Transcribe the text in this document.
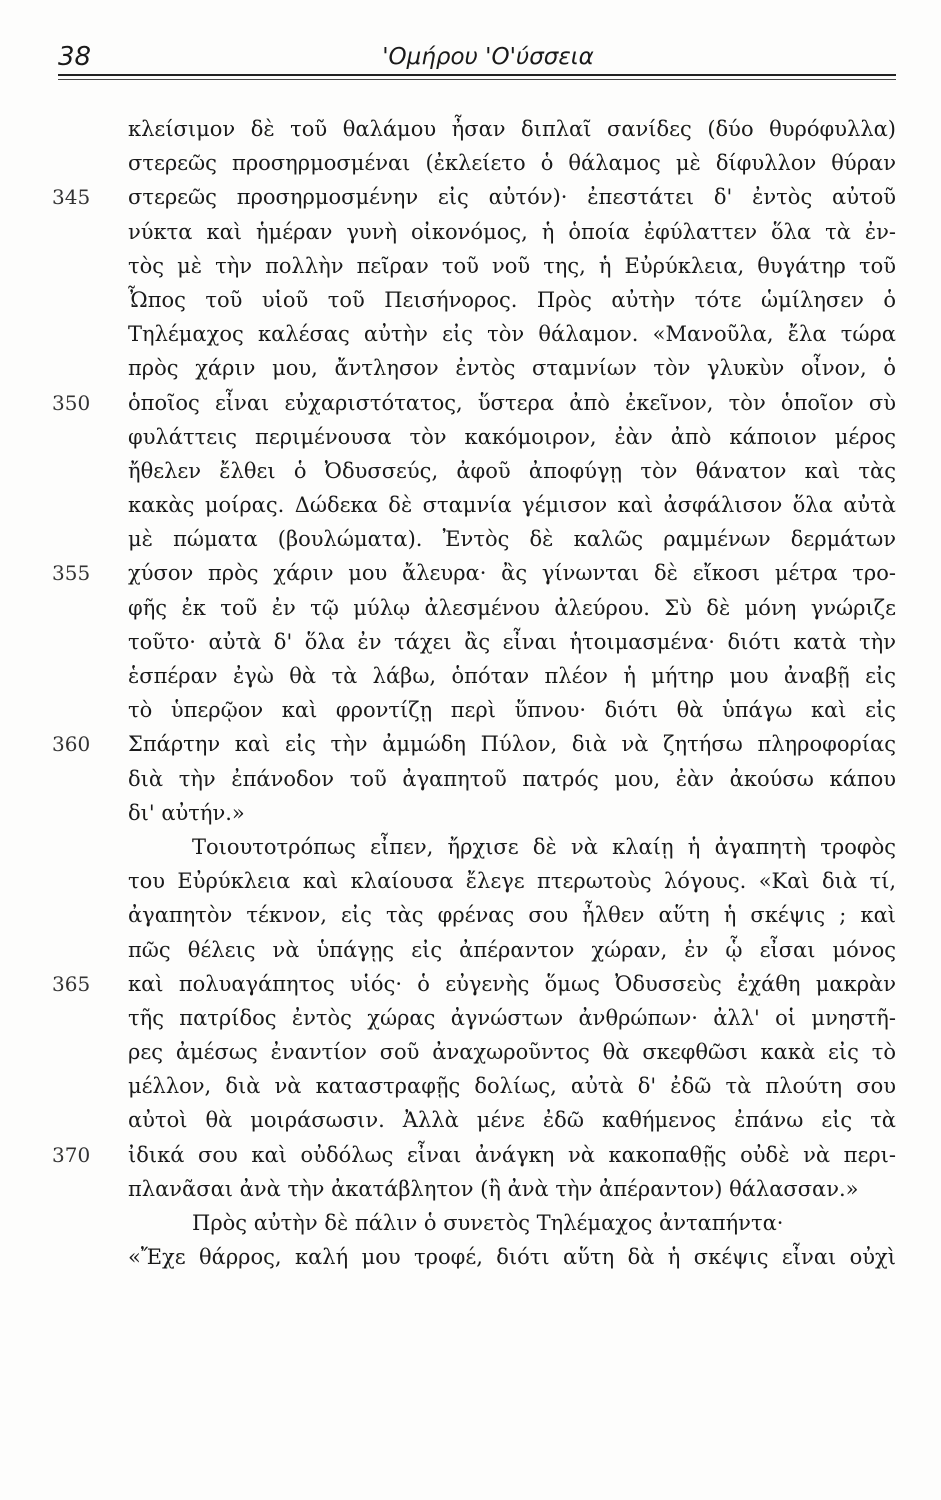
38	'Ομήρου 'Ο'ύσσεια
κλείσιμον δὲ τοῦ θαλάμου ἦσαν διπλαῖ σανίδες (δύο θυρόφυλλα)
στερεῶς προσηρμοσμέναι (ἐκλείετο ὁ θάλαμος μὲ δίφυλλον θύραν
345	στερεῶς προσηρμοσμένην εἰς αὐτόν)· ἐπεστάτει δ' ἐντὸς αὐτοῦ
νύκτα καὶ ἡμέραν γυνὴ οἰκονόμος, ἡ ὁποία ἐφύλαττεν ὅλα τὰ ἐν-
τὸς μὲ τὴν πολλὴν πεῖραν τοῦ νοῦ της, ἡ Εὐρύκλεια, θυγάτηρ τοῦ
Ὦπος τοῦ υἱοῦ τοῦ Πεισήνορος. Πρὸς αὐτὴν τότε ὡμίλησεν ὁ
Τηλέμαχος καλέσας αὐτὴν εἰς τὸν θάλαμον. «Μανοῦλα, ἔλα τώρα
πρὸς χάριν μου, ἄντλησον ἐντὸς σταμνίων τὸν γλυκὺν οἶνον, ὁ
350	ὁποῖος εἶναι εὐχαριστότατος, ὕστερα ἀπὸ ἐκεῖνον, τὸν ὁποῖον σὺ
φυλάττεις περιμένουσα τὸν κακόμοιρον, ἐὰν ἀπὸ κάποιον μέρος
ἤθελεν ἔλθει ὁ Ὀδυσσεύς, ἀφοῦ ἀποφύγῃ τὸν θάνατον καὶ τὰς
κακὰς μοίρας. Δώδεκα δὲ σταμνία γέμισον καὶ ἀσφάλισον ὅλα αὐτὰ
μὲ πώματα (βουλώματα). Ἐντὸς δὲ καλῶς ραμμένων δερμάτων
355	χύσον πρὸς χάριν μου ἄλευρα· ἂς γίνωνται δὲ εἴκοσι μέτρα τρο-
φῆς ἐκ τοῦ ἐν τῷ μύλῳ ἀλεσμένου ἀλεύρου. Σὺ δὲ μόνη γνώριζε
τοῦτο· αὐτὰ δ' ὅλα ἐν τάχει ἂς εἶναι ἡτοιμασμένα· διότι κατὰ τὴν
ἑσπέραν ἐγὼ θὰ τὰ λάβω, ὁπόταν πλέον ἡ μήτηρ μου ἀναβῇ εἰς
τὸ ὑπερῷον καὶ φροντίζῃ περὶ ὕπνου· διότι θὰ ὑπάγω καὶ εἰς
360	Σπάρτην καὶ εἰς τὴν ἀμμώδη Πύλον, διὰ νὰ ζητήσω πληροφορίας
διὰ τὴν ἐπάνοδον τοῦ ἀγαπητοῦ πατρός μου, ἐὰν ἀκούσω κάπου
δι' αὐτήν.»
Τοιουτοτρόπως εἶπεν, ἤρχισε δὲ νὰ κλαίῃ ἡ ἀγαπητὴ τροφὸς
του Εὐρύκλεια καὶ κλαίουσα ἔλεγε πτερωτοὺς λόγους. «Καὶ διὰ τί,
ἀγαπητὸν τέκνον, εἰς τὰς φρένας σου ἦλθεν αὕτη ἡ σκέψις ; καὶ
πῶς θέλεις νὰ ὑπάγῃς εἰς ἀπέραντον χώραν, ἐν ᾧ εἶσαι μόνος
365	καὶ πολυαγάπητος υἱός· ὁ εὐγενὴς ὅμως Ὀδυσσεὺς ἐχάθη μακρὰν
τῆς πατρίδος ἐντὸς χώρας ἀγνώστων ἀνθρώπων· ἀλλ' οἱ μνηστῆ-
ρες ἀμέσως ἐναντίον σοῦ ἀναχωροῦντος θὰ σκεφθῶσι κακὰ εἰς τὸ
μέλλον, διὰ νὰ καταστραφῇς δολίως, αὐτὰ δ' ἐδῶ τὰ πλούτη σου
αὐτοὶ θὰ μοιράσωσιν. Ἀλλὰ μένε ἐδῶ καθήμενος ἐπάνω εἰς τὰ
370	ἰδικά σου καὶ οὐδόλως εἶναι ἀνάγκη νὰ κακοπαθῇς οὐδὲ νὰ περι-
πλανᾶσαι ἀνὰ τὴν ἀκατάβλητον (ἢ ἀνὰ τὴν ἀπέραντον) θάλασσαν.»
Πρὸς αὐτὴν δὲ πάλιν ὁ συνετὸς Τηλέμαχος ἀνταπήντα·
«Ἔχε θάρρος, καλή μου τροφέ, διότι αὕτη δὰ ἡ σκέψις εἶναι οὐχὶ
